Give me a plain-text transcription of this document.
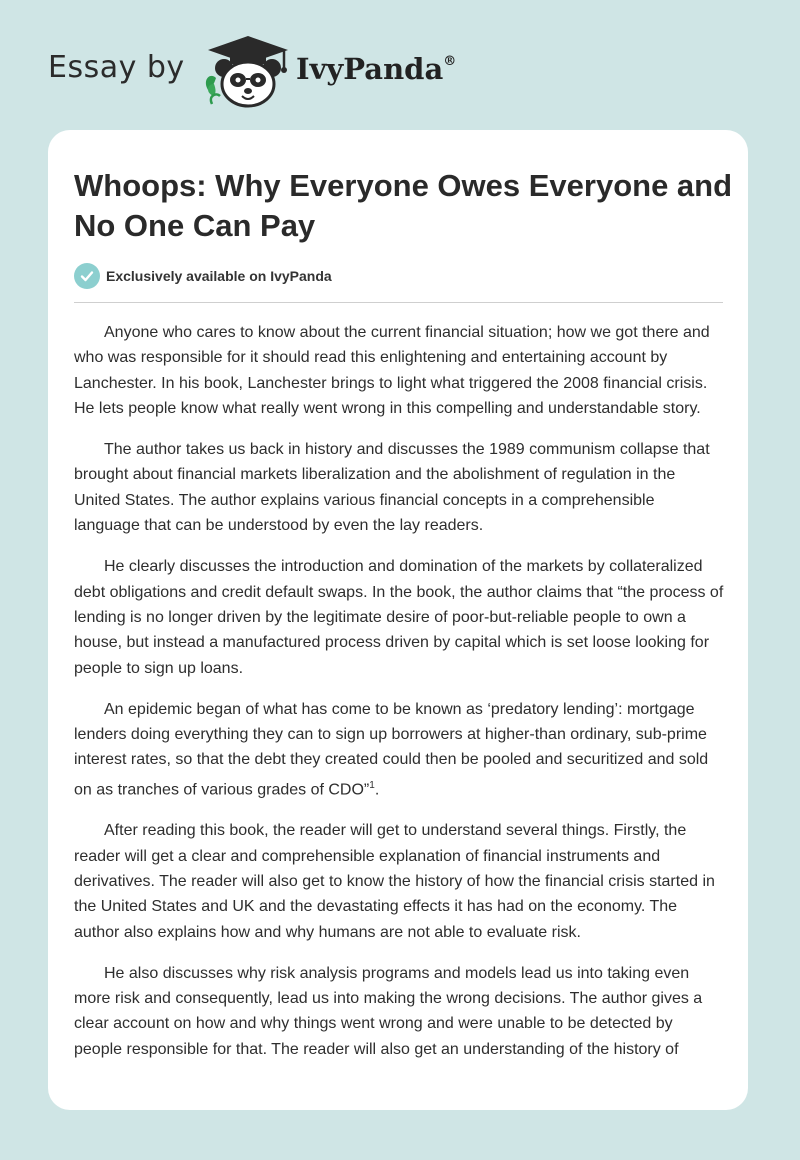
Essay by	IvyPanda®
Whoops: Why Everyone Owes Everyone and No One Can Pay
Exclusively available on IvyPanda

Anyone who cares to know about the current financial situation; how we got there and who was responsible for it should read this enlightening and entertaining account by Lanchester. In his book, Lanchester brings to light what triggered the 2008 financial crisis. He lets people know what really went wrong in this compelling and understandable story.

The author takes us back in history and discusses the 1989 communism collapse that brought about financial markets liberalization and the abolishment of regulation in the United States. The author explains various financial concepts in a comprehensible language that can be understood by even the lay readers.

He clearly discusses the introduction and domination of the markets by collateralized debt obligations and credit default swaps. In the book, the author claims that “the process of lending is no longer driven by the legitimate desire of poor-but-reliable people to own a house, but instead a manufactured process driven by capital which is set loose looking for people to sign up loans.

An epidemic began of what has come to be known as ‘predatory lending’: mortgage lenders doing everything they can to sign up borrowers at higher-than ordinary, sub-prime interest rates, so that the debt they created could then be pooled and securitized and sold on as tranches of various grades of CDO”$^1$.

After reading this book, the reader will get to understand several things. Firstly, the reader will get a clear and comprehensible explanation of financial instruments and derivatives. The reader will also get to know the history of how the financial crisis started in the United States and UK and the devastating effects it has had on the economy. The author also explains how and why humans are not able to evaluate risk.

He also discusses why risk analysis programs and models lead us into taking even more risk and consequently, lead us into making the wrong decisions. The author gives a clear account on how and why things went wrong and were unable to be detected by people responsible for that. The reader will also get an understanding of the history of
